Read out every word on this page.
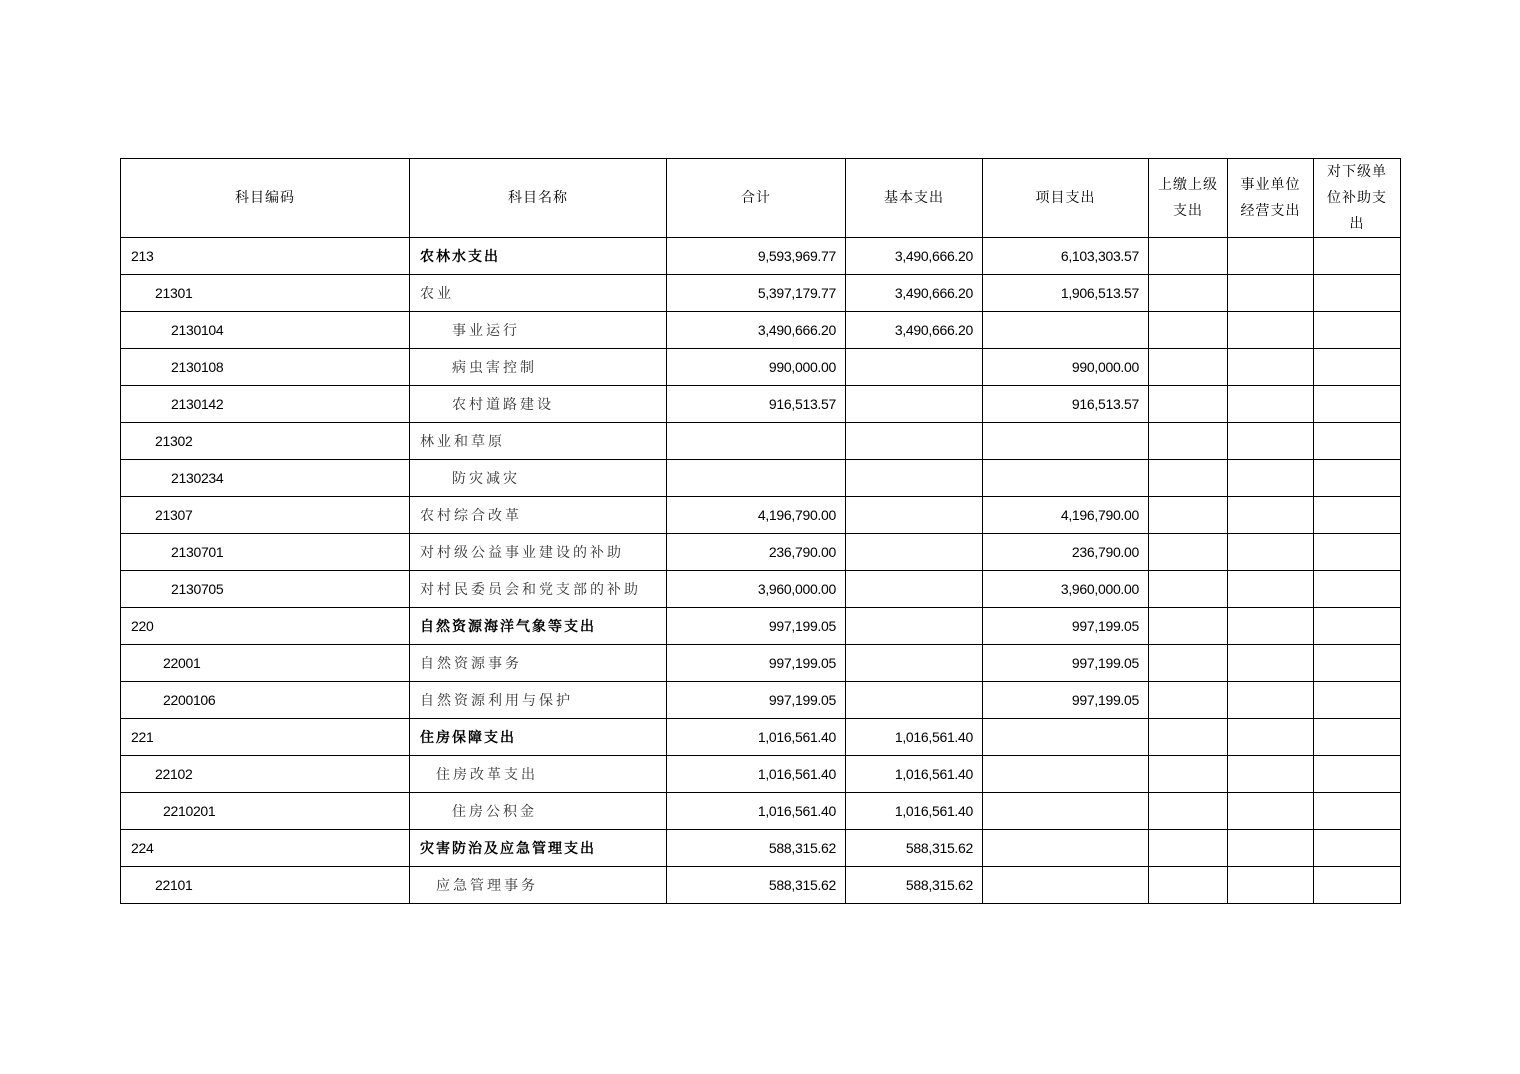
科目编码	科目名称	合计	基本支出	项目支出	上缴上级支出	事业单位经营支出	对下级单位补助支出
213	农林水支出	9,593,969.77	3,490,666.20	6,103,303.57			
21301	农业	5,397,179.77	3,490,666.20	1,906,513.57			
2130104	事业运行	3,490,666.20	3,490,666.20				
2130108	病虫害控制	990,000.00		990,000.00			
2130142	农村道路建设	916,513.57		916,513.57			
21302	林业和草原						
2130234	防灾减灾						
21307	农村综合改革	4,196,790.00		4,196,790.00			
2130701	对村级公益事业建设的补助	236,790.00		236,790.00			
2130705	对村民委员会和党支部的补助	3,960,000.00		3,960,000.00			
220	自然资源海洋气象等支出	997,199.05		997,199.05			
22001	自然资源事务	997,199.05		997,199.05			
2200106	自然资源利用与保护	997,199.05		997,199.05			
221	住房保障支出	1,016,561.40	1,016,561.40				
22102	住房改革支出	1,016,561.40	1,016,561.40				
2210201	住房公积金	1,016,561.40	1,016,561.40				
224	灾害防治及应急管理支出	588,315.62	588,315.62				
22101	应急管理事务	588,315.62	588,315.62				
